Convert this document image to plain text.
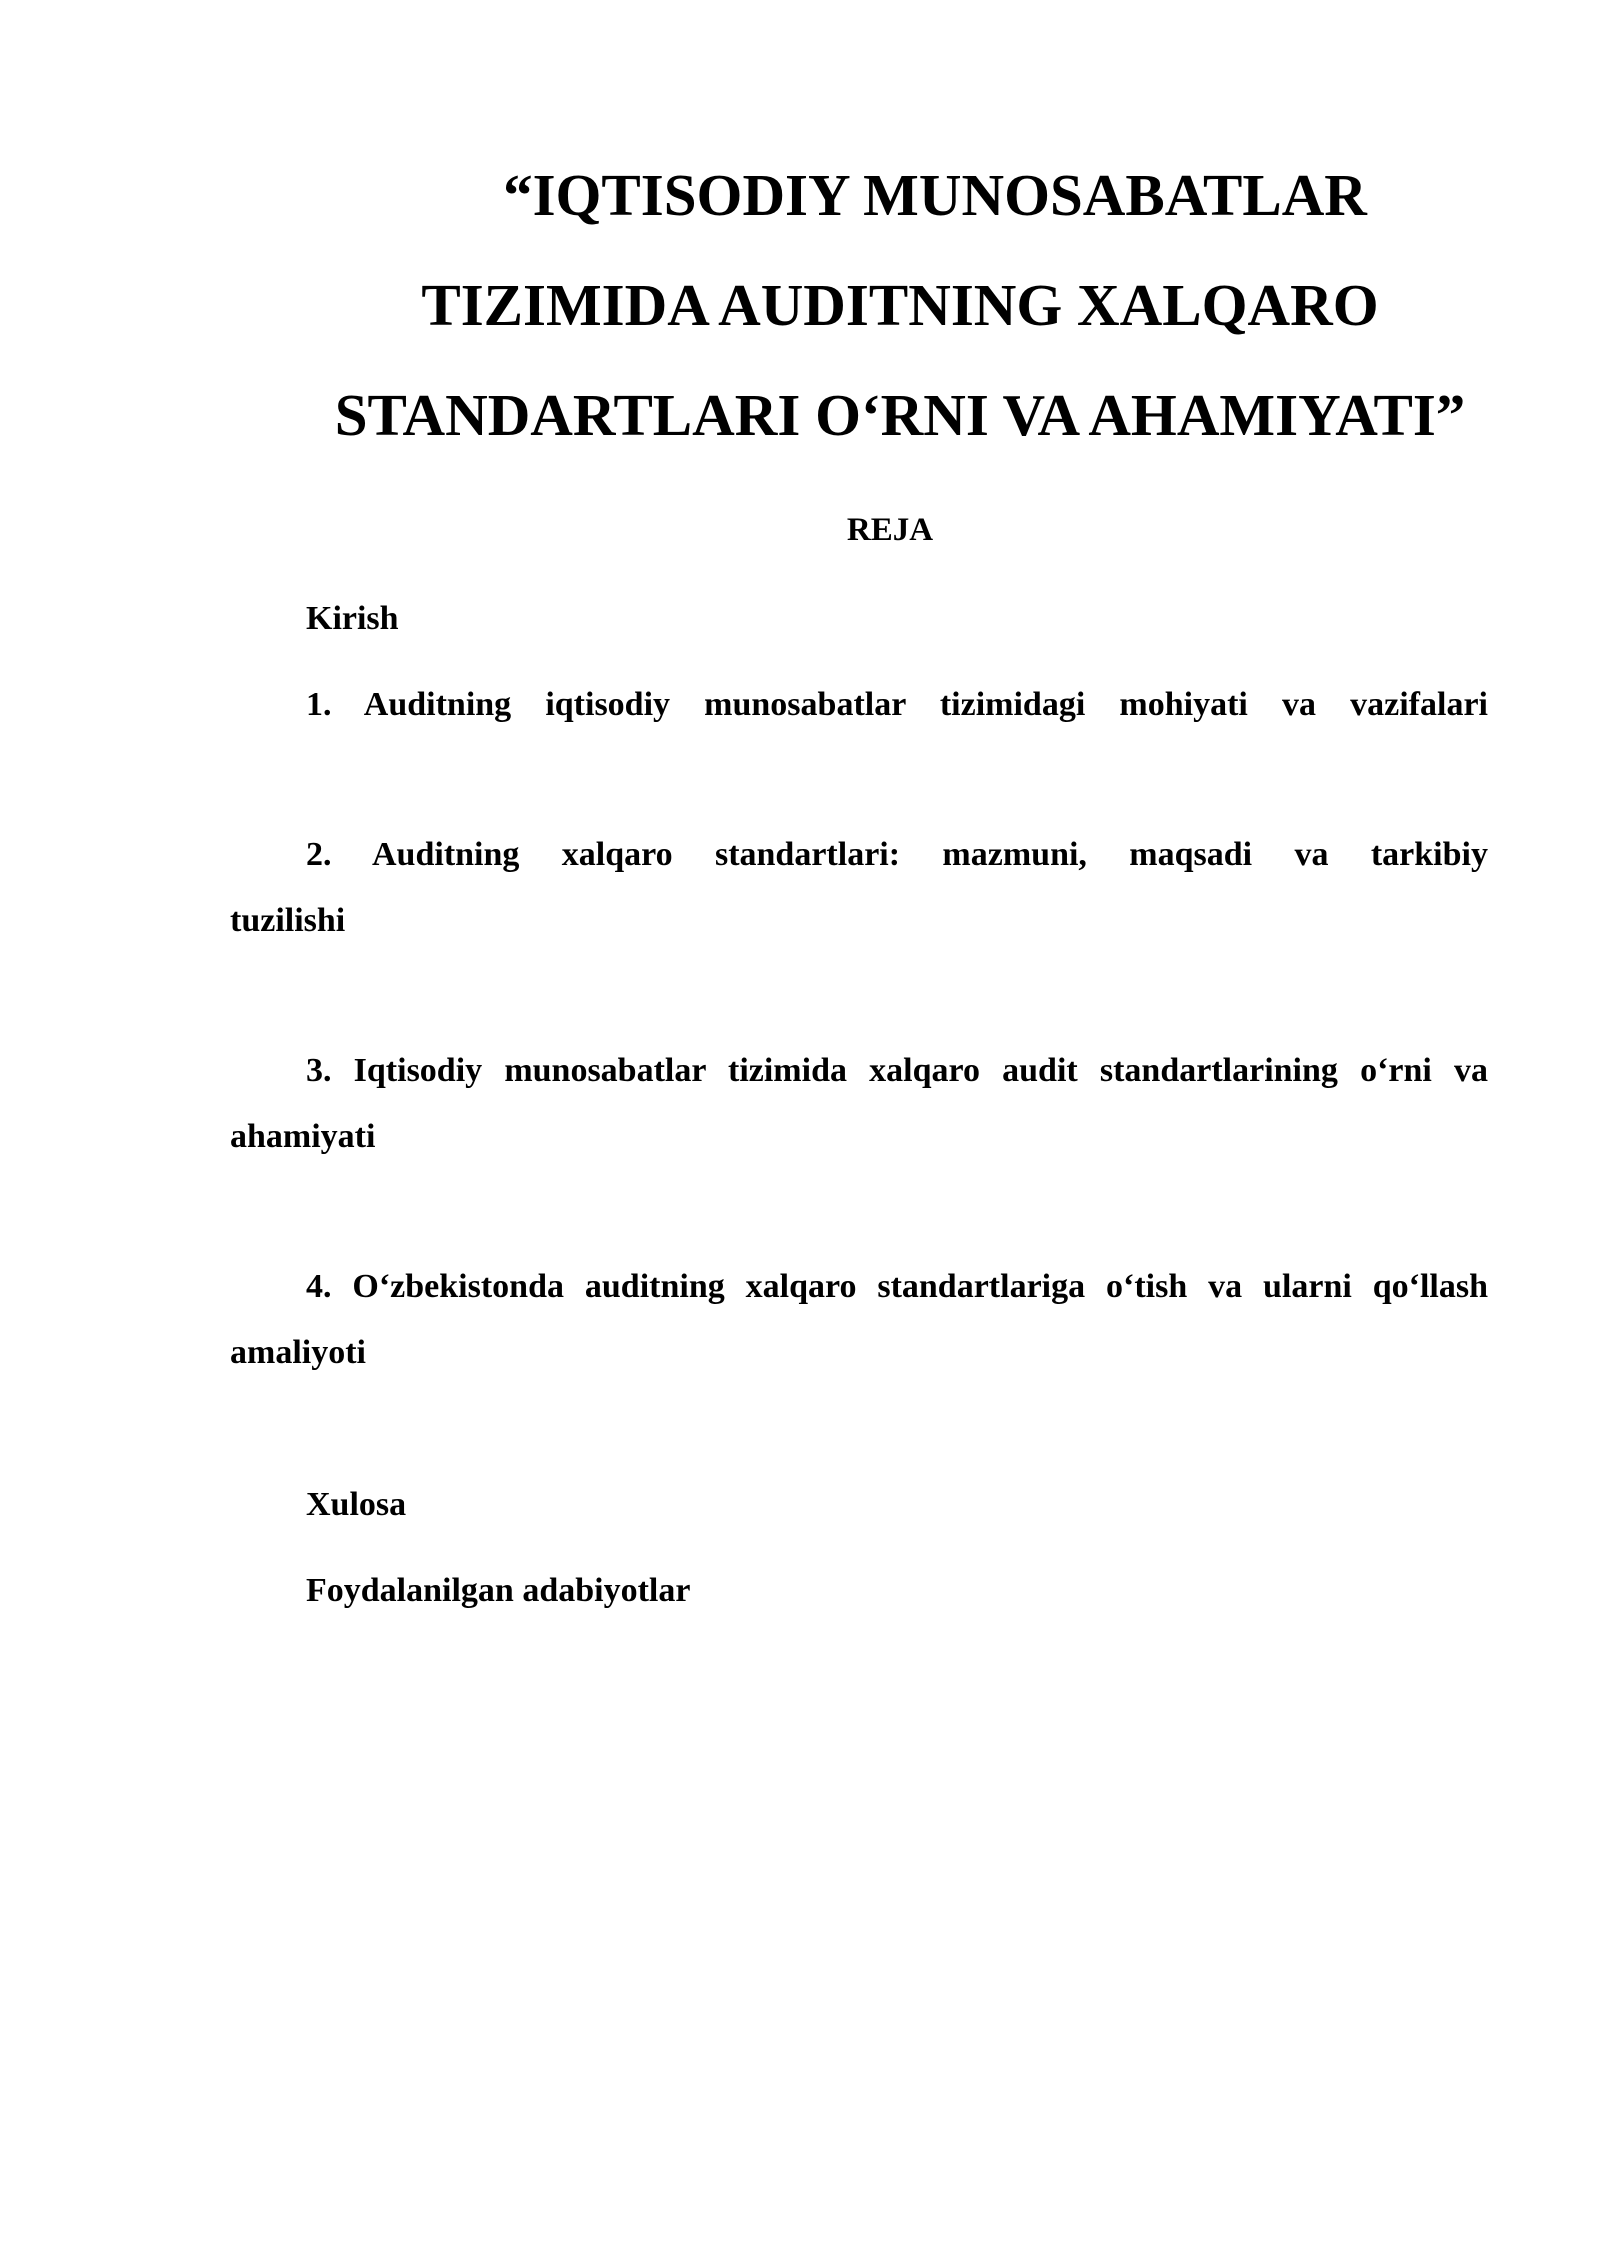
“IQTISODIY MUNOSABATLAR
TIZIMIDA AUDITNING XALQARO
STANDARTLARI O‘RNI VA AHAMIYATI”
REJA

Kirish

1. Auditning iqtisodiy munosabatlar tizimidagi mohiyati va vazifalari

2. Auditning xalqaro standartlari: mazmuni, maqsadi va tarkibiy
tuzilishi

3. Iqtisodiy munosabatlar tizimida xalqaro audit standartlarining o‘rni va
ahamiyati

4. O‘zbekistonda auditning xalqaro standartlariga o‘tish va ularni qo‘llash
amaliyoti

Xulosa

Foydalanilgan adabiyotlar
